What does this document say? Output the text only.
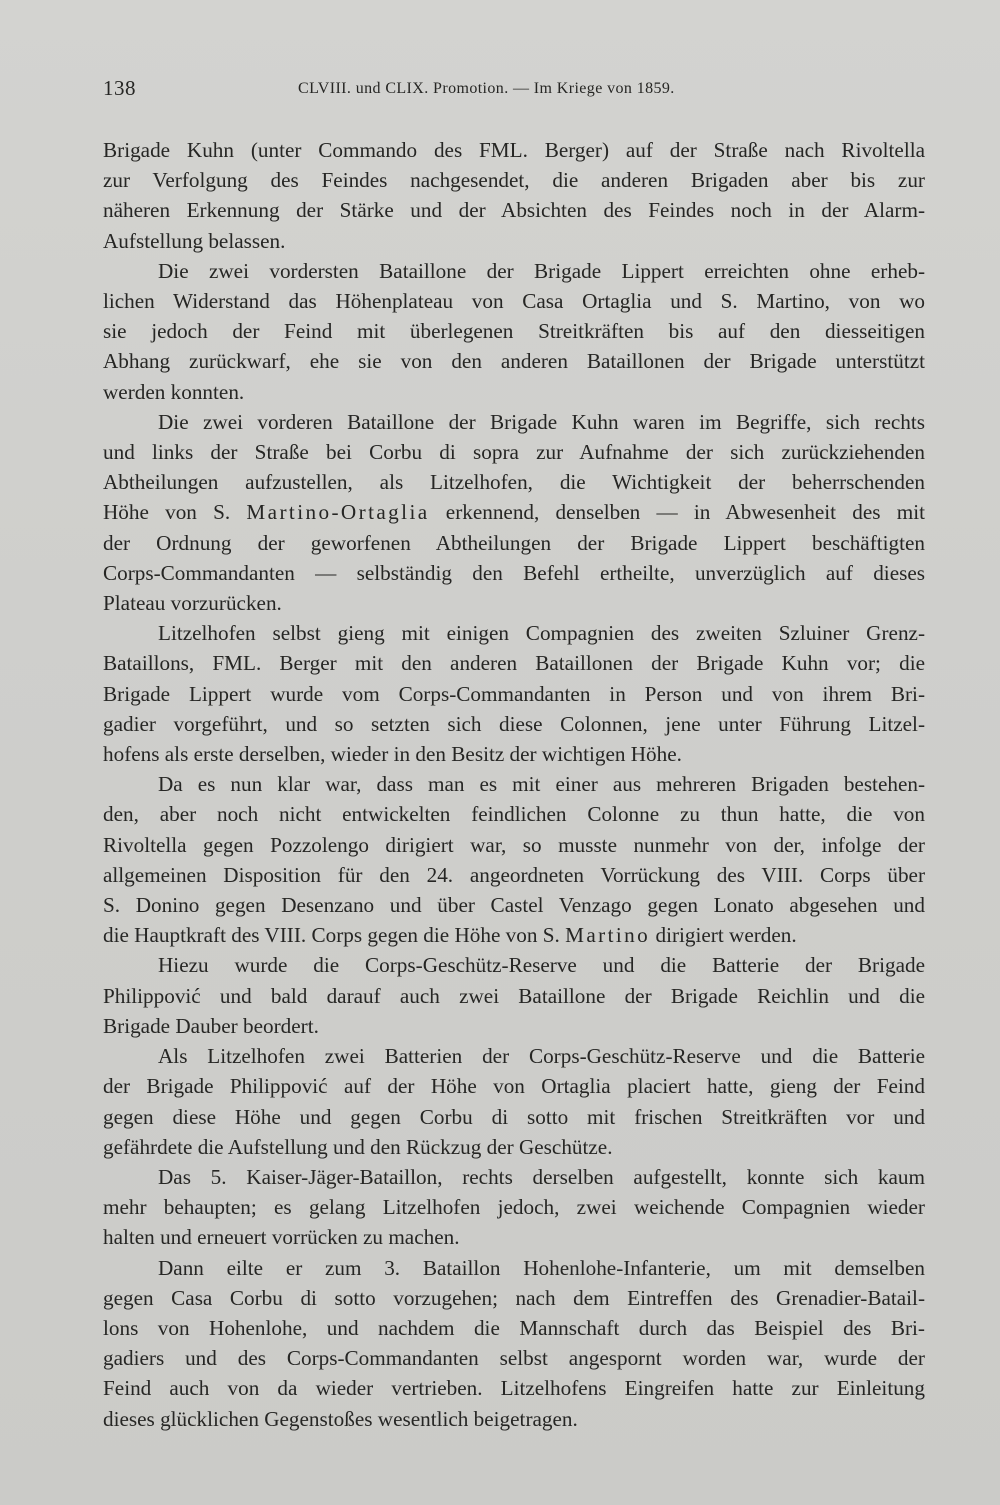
138	CLVIII. und CLIX. Promotion. — Im Kriege von 1859.

Brigade Kuhn (unter Commando des FML. Berger) auf der Straße nach Rivoltella
zur Verfolgung des Feindes nachgesendet, die anderen Brigaden aber bis zur
näheren Erkennung der Stärke und der Absichten des Feindes noch in der Alarm-
Aufstellung belassen.

Die zwei vordersten Bataillone der Brigade Lippert erreichten ohne erheb-
lichen Widerstand das Höhenplateau von Casa Ortaglia und S. Martino, von wo
sie jedoch der Feind mit überlegenen Streitkräften bis auf den diesseitigen
Abhang zurückwarf, ehe sie von den anderen Bataillonen der Brigade unterstützt
werden konnten.

Die zwei vorderen Bataillone der Brigade Kuhn waren im Begriffe, sich rechts
und links der Straße bei Corbu di sopra zur Aufnahme der sich zurückziehenden
Abtheilungen aufzustellen, als Litzelhofen, die Wichtigkeit der beherrschenden
Höhe von S. Martino-Ortaglia erkennend, denselben — in Abwesenheit des mit
der Ordnung der geworfenen Abtheilungen der Brigade Lippert beschäftigten
Corps-Commandanten — selbständig den Befehl ertheilte, unverzüglich auf dieses
Plateau vorzurücken.

Litzelhofen selbst gieng mit einigen Compagnien des zweiten Szluiner Grenz-
Bataillons, FML. Berger mit den anderen Bataillonen der Brigade Kuhn vor; die
Brigade Lippert wurde vom Corps-Commandanten in Person und von ihrem Bri-
gadier vorgeführt, und so setzten sich diese Colonnen, jene unter Führung Litzel-
hofens als erste derselben, wieder in den Besitz der wichtigen Höhe.

Da es nun klar war, dass man es mit einer aus mehreren Brigaden bestehen-
den, aber noch nicht entwickelten feindlichen Colonne zu thun hatte, die von
Rivoltella gegen Pozzolengo dirigiert war, so musste nunmehr von der, infolge der
allgemeinen Disposition für den 24. angeordneten Vorrückung des VIII. Corps über
S. Donino gegen Desenzano und über Castel Venzago gegen Lonato abgesehen und
die Hauptkraft des VIII. Corps gegen die Höhe von S. Martino dirigiert werden.

Hiezu wurde die Corps-Geschütz-Reserve und die Batterie der Brigade
Philippović und bald darauf auch zwei Bataillone der Brigade Reichlin und die
Brigade Dauber beordert.

Als Litzelhofen zwei Batterien der Corps-Geschütz-Reserve und die Batterie
der Brigade Philippović auf der Höhe von Ortaglia placiert hatte, gieng der Feind
gegen diese Höhe und gegen Corbu di sotto mit frischen Streitkräften vor und
gefährdete die Aufstellung und den Rückzug der Geschütze.

Das 5. Kaiser-Jäger-Bataillon, rechts derselben aufgestellt, konnte sich kaum
mehr behaupten; es gelang Litzelhofen jedoch, zwei weichende Compagnien wieder
halten und erneuert vorrücken zu machen.

Dann eilte er zum 3. Bataillon Hohenlohe-Infanterie, um mit demselben
gegen Casa Corbu di sotto vorzugehen; nach dem Eintreffen des Grenadier-Batail-
lons von Hohenlohe, und nachdem die Mannschaft durch das Beispiel des Bri-
gadiers und des Corps-Commandanten selbst angespornt worden war, wurde der
Feind auch von da wieder vertrieben. Litzelhofens Eingreifen hatte zur Einleitung
dieses glücklichen Gegenstoßes wesentlich beigetragen.
